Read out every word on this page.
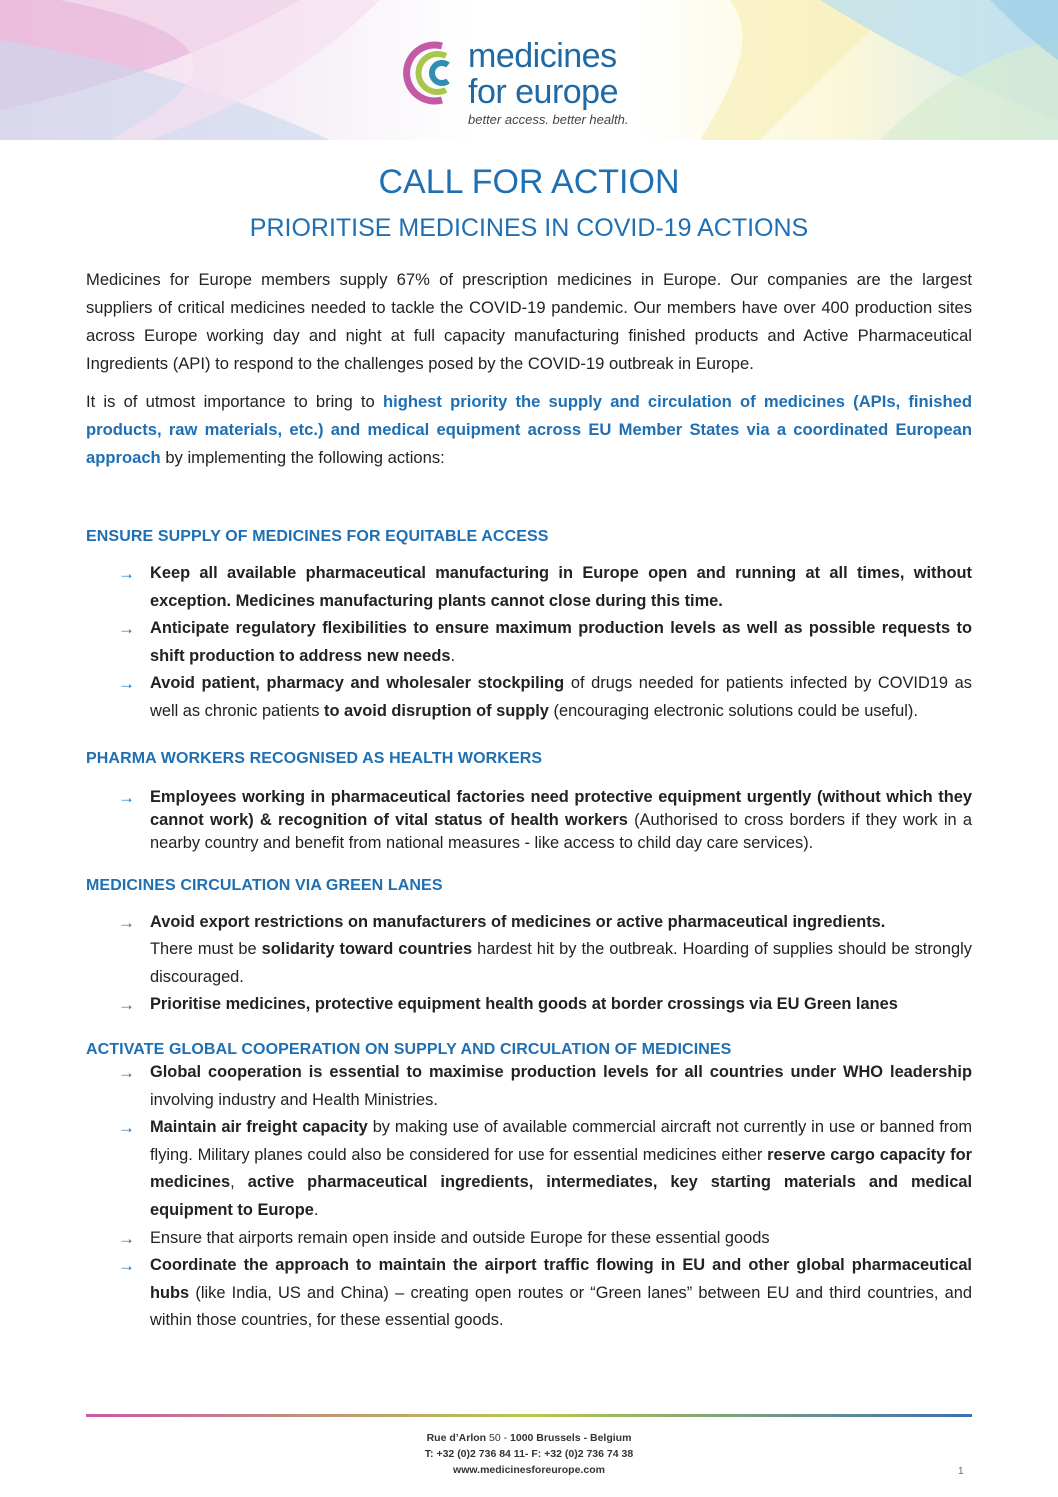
medicines
for europe
better access. better health.
CALL FOR ACTION
PRIORITISE MEDICINES IN COVID-19 ACTIONS

Medicines for Europe members supply 67% of prescription medicines in Europe. Our companies are the largest suppliers of critical medicines needed to tackle the COVID-19 pandemic. Our members have over 400 production sites across Europe working day and night at full capacity manufacturing finished products and Active Pharmaceutical Ingredients (API) to respond to the challenges posed by the COVID-19 outbreak in Europe.

It is of utmost importance to bring to highest priority the supply and circulation of medicines (APIs, finished products, raw materials, etc.) and medical equipment across EU Member States via a coordinated European approach by implementing the following actions:

ENSURE SUPPLY OF MEDICINES FOR EQUITABLE ACCESS
→ Keep all available pharmaceutical manufacturing in Europe open and running at all times, without exception. Medicines manufacturing plants cannot close during this time.
→ Anticipate regulatory flexibilities to ensure maximum production levels as well as possible requests to shift production to address new needs.
→ Avoid patient, pharmacy and wholesaler stockpiling of drugs needed for patients infected by COVID19 as well as chronic patients to avoid disruption of supply (encouraging electronic solutions could be useful).
PHARMA WORKERS RECOGNISED AS HEALTH WORKERS
→ Employees working in pharmaceutical factories need protective equipment urgently (without which they cannot work) & recognition of vital status of health workers (Authorised to cross borders if they work in a nearby country and benefit from national measures - like access to child day care services).
MEDICINES CIRCULATION VIA GREEN LANES
→ Avoid export restrictions on manufacturers of medicines or active pharmaceutical ingredients.
There must be solidarity toward countries hardest hit by the outbreak. Hoarding of supplies should be strongly discouraged.
→ Prioritise medicines, protective equipment health goods at border crossings via EU Green lanes
ACTIVATE GLOBAL COOPERATION ON SUPPLY AND CIRCULATION OF MEDICINES
→ Global cooperation is essential to maximise production levels for all countries under WHO leadership involving industry and Health Ministries.
→ Maintain air freight capacity by making use of available commercial aircraft not currently in use or banned from flying. Military planes could also be considered for use for essential medicines either reserve cargo capacity for medicines, active pharmaceutical ingredients, intermediates, key starting materials and medical equipment to Europe.
→ Ensure that airports remain open inside and outside Europe for these essential goods
→ Coordinate the approach to maintain the airport traffic flowing in EU and other global pharmaceutical hubs (like India, US and China) – creating open routes or “Green lanes” between EU and third countries, and within those countries, for these essential goods.
Rue d’Arlon 50 - 1000 Brussels - Belgium
T: +32 (0)2 736 84 11- F: +32 (0)2 736 74 38
www.medicinesforeurope.com	1
